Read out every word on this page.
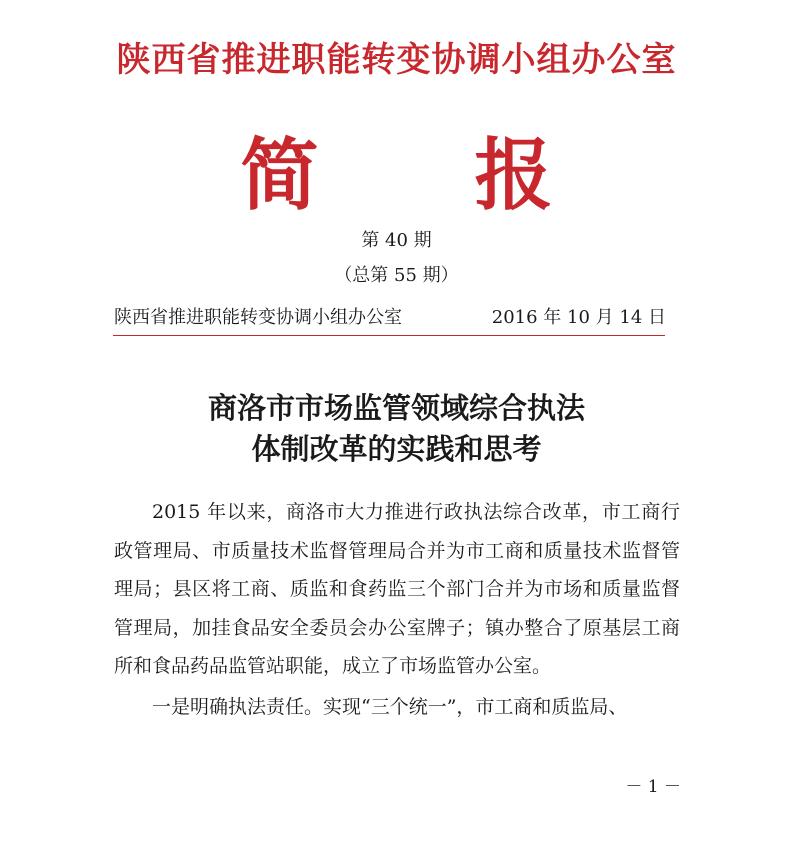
陕西省推进职能转变协调小组办公室
简　　报
第 40 期
（总第 55 期）
陕西省推进职能转变协调小组办公室	2016 年 10 月 14 日
商洛市市场监管领域综合执法
体制改革的实践和思考

2015 年以来，商洛市大力推进行政执法综合改革，市工商行政管理局、市质量技术监督管理局合并为市工商和质量技术监督管理局；县区将工商、质监和食药监三个部门合并为市场和质量监督管理局，加挂食品安全委员会办公室牌子；镇办整合了原基层工商所和食品药品监管站职能，成立了市场监管办公室。

一是明确执法责任。实现“三个统一”，市工商和质监局、

－ 1 －
